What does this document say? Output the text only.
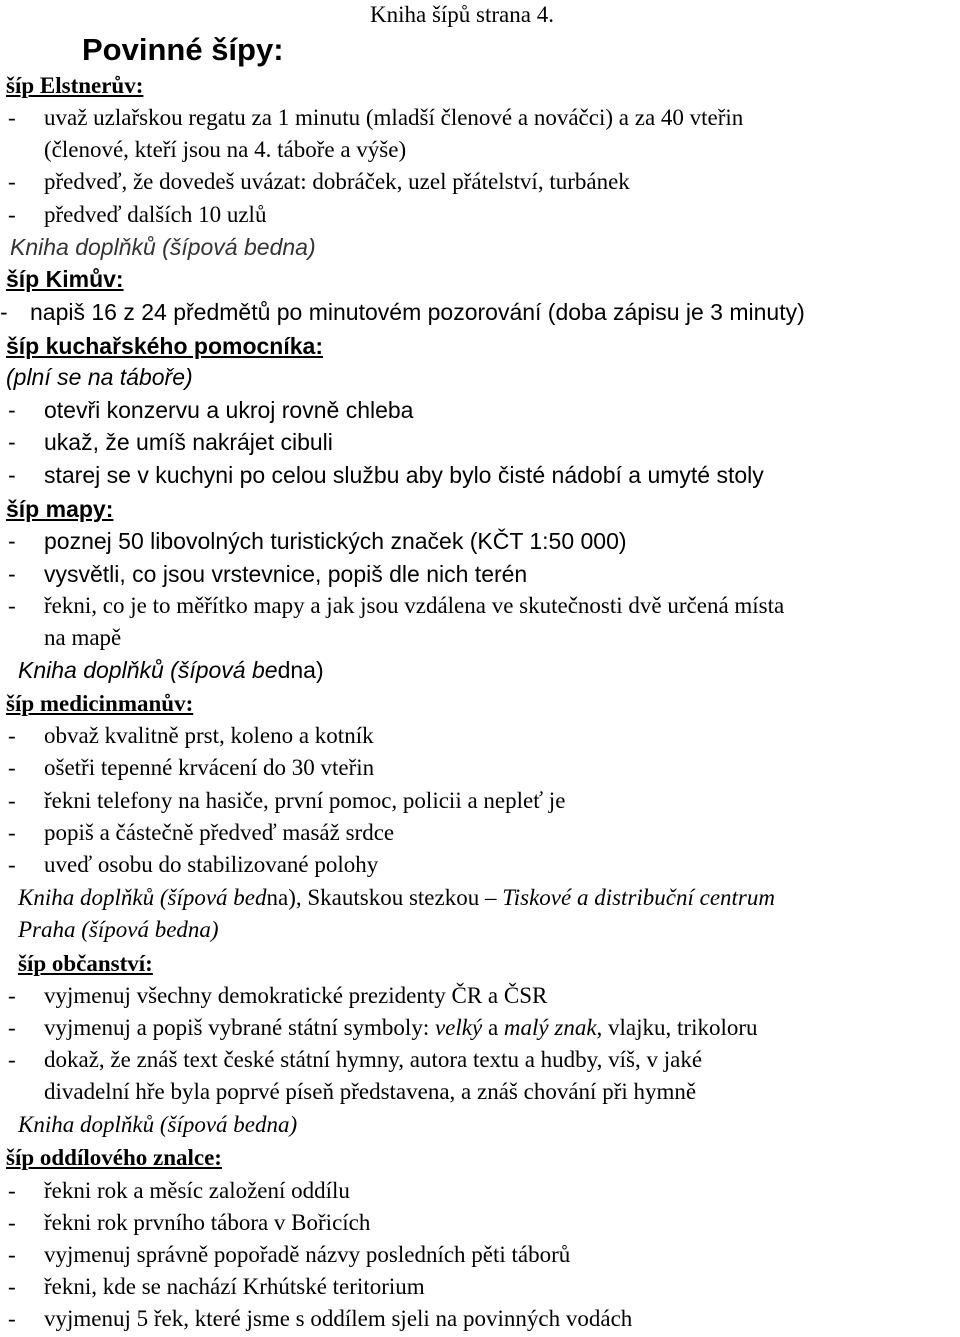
Kniha šípů strana 4.
Povinné šípy:
šíp Elstnerův:
- uvaž uzlařskou regatu za 1 minutu (mladší členové a nováčci) a za 40 vteřin
(členové, kteří jsou na 4. táboře a výše)
- předveď, že dovedeš uvázat: dobráček, uzel přátelství, turbánek
- předveď dalších 10 uzlů
Kniha doplňků (šípová bedna)
šíp Kimův:
- napiš 16 z 24 předmětů po minutovém pozorování (doba zápisu je 3 minuty)
šíp kuchařského pomocníka:
(plní se na táboře)
- otevři konzervu a ukroj rovně chleba
- ukaž, že umíš nakrájet cibuli
- starej se v kuchyni po celou službu aby bylo čisté nádobí a umyté stoly
šíp mapy:
- poznej 50 libovolných turistických značek (KČT 1:50 000)
- vysvětli, co jsou vrstevnice, popiš dle nich terén
- řekni, co je to měřítko mapy a jak jsou vzdálena ve skutečnosti dvě určená místa
na mapě
Kniha doplňků (šípová bedna)
šíp medicinmanův:
- obvaž kvalitně prst, koleno a kotník
- ošetři tepenné krvácení do 30 vteřin
- řekni telefony na hasiče, první pomoc, policii a nepleť je
- popiš a částečně předveď masáž srdce
- uveď osobu do stabilizované polohy
Kniha doplňků (šípová bedna), Skautskou stezkou – Tiskové a distribuční centrum
Praha (šípová bedna)
šíp občanství:
- vyjmenuj všechny demokratické prezidenty ČR a ČSR
- vyjmenuj a popiš vybrané státní symboly: velký a malý znak, vlajku, trikoloru
- dokaž, že znáš text české státní hymny, autora textu a hudby, víš, v jaké
divadelní hře byla poprvé píseň představena, a znáš chování při hymně
Kniha doplňků (šípová bedna)
šíp oddílového znalce:
- řekni rok a měsíc založení oddílu
- řekni rok prvního tábora v Bořicích
- vyjmenuj správně popořadě názvy posledních pěti táborů
- řekni, kde se nachází Krhútské teritorium
- vyjmenuj 5 řek, které jsme s oddílem sjeli na povinných vodách
